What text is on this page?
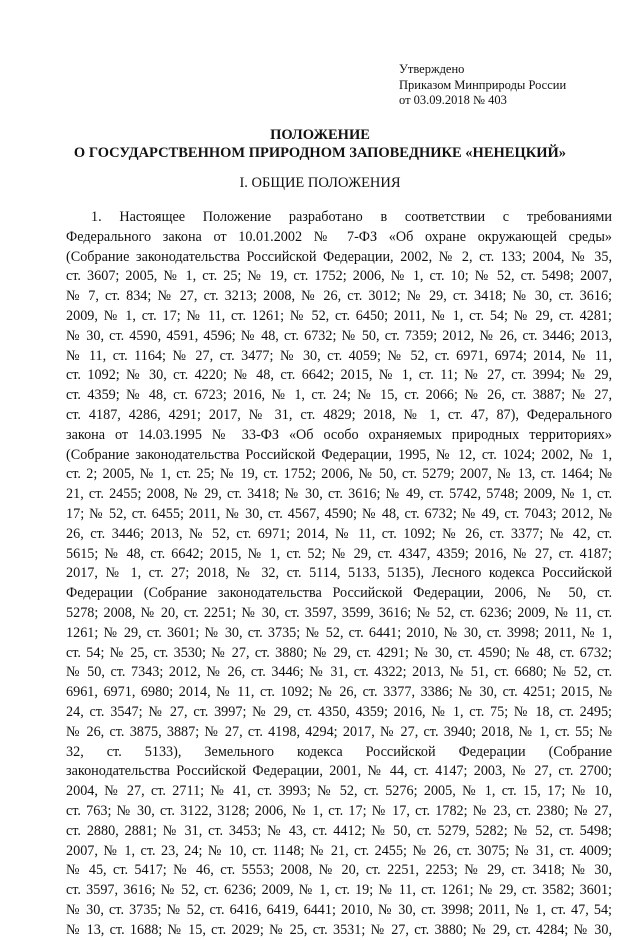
Утверждено
Приказом Минприроды России
от 03.09.2018 № 403
ПОЛОЖЕНИЕ
О ГОСУДАРСТВЕННОМ ПРИРОДНОМ ЗАПОВЕДНИКЕ «НЕНЕЦКИЙ»
I. ОБЩИЕ ПОЛОЖЕНИЯ
1. Настоящее Положение разработано в соответствии с требованиями
Федерального закона от 10.01.2002 № 7-ФЗ «Об охране окружающей среды»
(Собрание законодательства Российской Федерации, 2002, № 2, ст. 133; 2004, № 35,
ст. 3607; 2005, № 1, ст. 25; № 19, ст. 1752; 2006, № 1, ст. 10; № 52, ст. 5498; 2007,
№ 7, ст. 834; № 27, ст. 3213; 2008, № 26, ст. 3012; № 29, ст. 3418; № 30, ст. 3616;
2009, № 1, ст. 17; № 11, ст. 1261; № 52, ст. 6450; 2011, № 1, ст. 54; № 29, ст. 4281;
№ 30, ст. 4590, 4591, 4596; № 48, ст. 6732; № 50, ст. 7359; 2012, № 26, ст. 3446; 2013,
№ 11, ст. 1164; № 27, ст. 3477; № 30, ст. 4059; № 52, ст. 6971, 6974; 2014, № 11,
ст. 1092; № 30, ст. 4220; № 48, ст. 6642; 2015, № 1, ст. 11; № 27, ст. 3994; № 29,
ст. 4359; № 48, ст. 6723; 2016, № 1, ст. 24; № 15, ст. 2066; № 26, ст. 3887; № 27,
ст. 4187, 4286, 4291; 2017, № 31, ст. 4829; 2018, № 1, ст. 47, 87), Федерального
закона от 14.03.1995 № 33-ФЗ «Об особо охраняемых природных территориях»
(Собрание законодательства Российской Федерации, 1995, № 12, ст. 1024; 2002, № 1,
ст. 2; 2005, № 1, ст. 25; № 19, ст. 1752; 2006, № 50, ст. 5279; 2007, № 13, ст. 1464; №
21, ст. 2455; 2008, № 29, ст. 3418; № 30, ст. 3616; № 49, ст. 5742, 5748; 2009, № 1, ст.
17; № 52, ст. 6455; 2011, № 30, ст. 4567, 4590; № 48, ст. 6732; № 49, ст. 7043; 2012, №
26, ст. 3446; 2013, № 52, ст. 6971; 2014, № 11, ст. 1092; № 26, ст. 3377; № 42, ст.
5615; № 48, ст. 6642; 2015, № 1, ст. 52; № 29, ст. 4347, 4359; 2016, № 27, ст. 4187;
2017, № 1, ст. 27; 2018, № 32, ст. 5114, 5133, 5135), Лесного кодекса Российской
Федерации (Собрание законодательства Российской Федерации, 2006, № 50, ст.
5278; 2008, № 20, ст. 2251; № 30, ст. 3597, 3599, 3616; № 52, ст. 6236; 2009, № 11, ст.
1261; № 29, ст. 3601; № 30, ст. 3735; № 52, ст. 6441; 2010, № 30, ст. 3998; 2011, № 1,
ст. 54; № 25, ст. 3530; № 27, ст. 3880; № 29, ст. 4291; № 30, ст. 4590; № 48, ст. 6732;
№ 50, ст. 7343; 2012, № 26, ст. 3446; № 31, ст. 4322; 2013, № 51, ст. 6680; № 52, ст.
6961, 6971, 6980; 2014, № 11, ст. 1092; № 26, ст. 3377, 3386; № 30, ст. 4251; 2015, №
24, ст. 3547; № 27, ст. 3997; № 29, ст. 4350, 4359; 2016, № 1, ст. 75; № 18, ст. 2495;
№ 26, ст. 3875, 3887; № 27, ст. 4198, 4294; 2017, № 27, ст. 3940; 2018, № 1, ст. 55; №
32, ст. 5133), Земельного кодекса Российской Федерации (Собрание
законодательства Российской Федерации, 2001, № 44, ст. 4147; 2003, № 27, ст. 2700;
2004, № 27, ст. 2711; № 41, ст. 3993; № 52, ст. 5276; 2005, № 1, ст. 15, 17; № 10,
ст. 763; № 30, ст. 3122, 3128; 2006, № 1, ст. 17; № 17, ст. 1782; № 23, ст. 2380; № 27,
ст. 2880, 2881; № 31, ст. 3453; № 43, ст. 4412; № 50, ст. 5279, 5282; № 52, ст. 5498;
2007, № 1, ст. 23, 24; № 10, ст. 1148; № 21, ст. 2455; № 26, ст. 3075; № 31, ст. 4009;
№ 45, ст. 5417; № 46, ст. 5553; 2008, № 20, ст. 2251, 2253; № 29, ст. 3418; № 30,
ст. 3597, 3616; № 52, ст. 6236; 2009, № 1, ст. 19; № 11, ст. 1261; № 29, ст. 3582; 3601;
№ 30, ст. 3735; № 52, ст. 6416, 6419, 6441; 2010, № 30, ст. 3998; 2011, № 1, ст. 47, 54;
№ 13, ст. 1688; № 15, ст. 2029; № 25, ст. 3531; № 27, ст. 3880; № 29, ст. 4284; № 30,
